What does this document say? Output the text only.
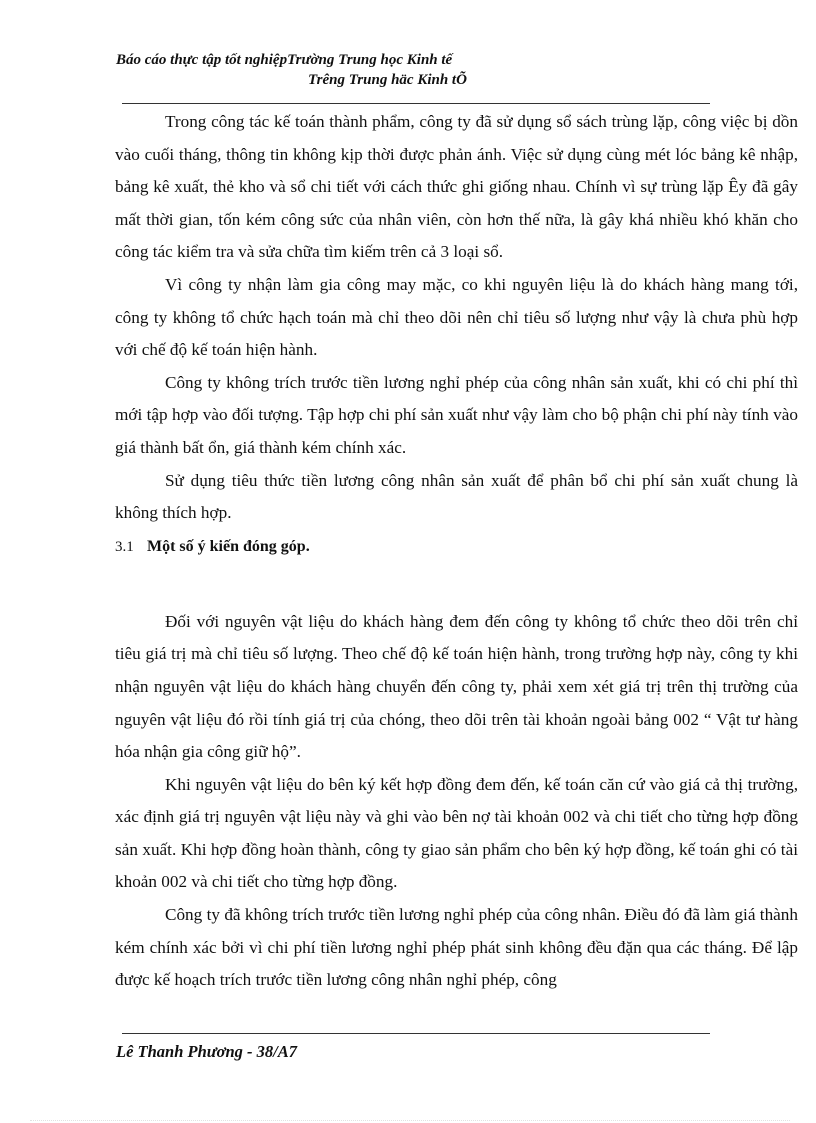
Báo cáo thực tập tốt nghiệpTrường Trung học Kinh tế
Trêng Trung häc Kinh tÕ

Trong công tác kế toán thành phẩm, công ty đã sử dụng sổ sách trùng lặp, công việc bị dồn vào cuối tháng, thông tin không kịp thời được phản ánh. Việc sử dụng cùng mét lóc bảng kê nhập, bảng kê xuất, thẻ kho và sổ chi tiết với cách thức ghi giống nhau. Chính vì sự trùng lặp Êy đã gây mất thời gian, tốn kém công sức của nhân viên, còn hơn thế nữa, là gây khá nhiều khó khăn cho công tác kiểm tra và sửa chữa tìm kiếm trên cả 3 loại sổ.

Vì công ty nhận làm gia công may mặc, co khi nguyên liệu là do khách hàng mang tới, công ty không tổ chức hạch toán mà chỉ theo dõi nên chỉ tiêu số lượng như vậy là chưa phù hợp với chế độ kế toán hiện hành.

Công ty không trích trước tiền lương nghỉ phép của công nhân sản xuất, khi có chi phí thì mới tập hợp vào đối tượng. Tập hợp chi phí sản xuất như vậy làm cho bộ phận chi phí này tính vào giá thành bất ổn, giá thành kém chính xác.

Sử dụng tiêu thức tiền lương công nhân sản xuất để phân bổ chi phí sản xuất chung là không thích hợp.

3.1 Một số ý kiến đóng góp.

Đối với nguyên vật liệu do khách hàng đem đến công ty không tổ chức theo dõi trên chỉ tiêu giá trị mà chỉ tiêu số lượng. Theo chế độ kế toán hiện hành, trong trường hợp này, công ty khi nhận nguyên vật liệu do khách hàng chuyển đến công ty, phải xem xét giá trị trên thị trường của nguyên vật liệu đó rồi tính giá trị của chóng, theo dõi trên tài khoản ngoài bảng 002 “ Vật tư hàng hóa nhận gia công giữ hộ”.

Khi nguyên vật liệu do bên ký kết hợp đồng đem đến, kế toán căn cứ vào giá cả thị trường, xác định giá trị nguyên vật liệu này và ghi vào bên nợ tài khoản 002 và chi tiết cho từng hợp đồng sản xuất. Khi hợp đồng hoàn thành, công ty giao sản phẩm cho bên ký hợp đồng, kế toán ghi có tài khoản 002 và chi tiết cho từng hợp đồng.

Công ty đã không trích trước tiền lương nghỉ phép của công nhân. Điều đó đã làm giá thành kém chính xác bởi vì chi phí tiền lương nghỉ phép phát sinh không đều đặn qua các tháng. Để lập được kế hoạch trích trước tiền lương công nhân nghỉ phép, công

Lê Thanh Phương - 38/A7
